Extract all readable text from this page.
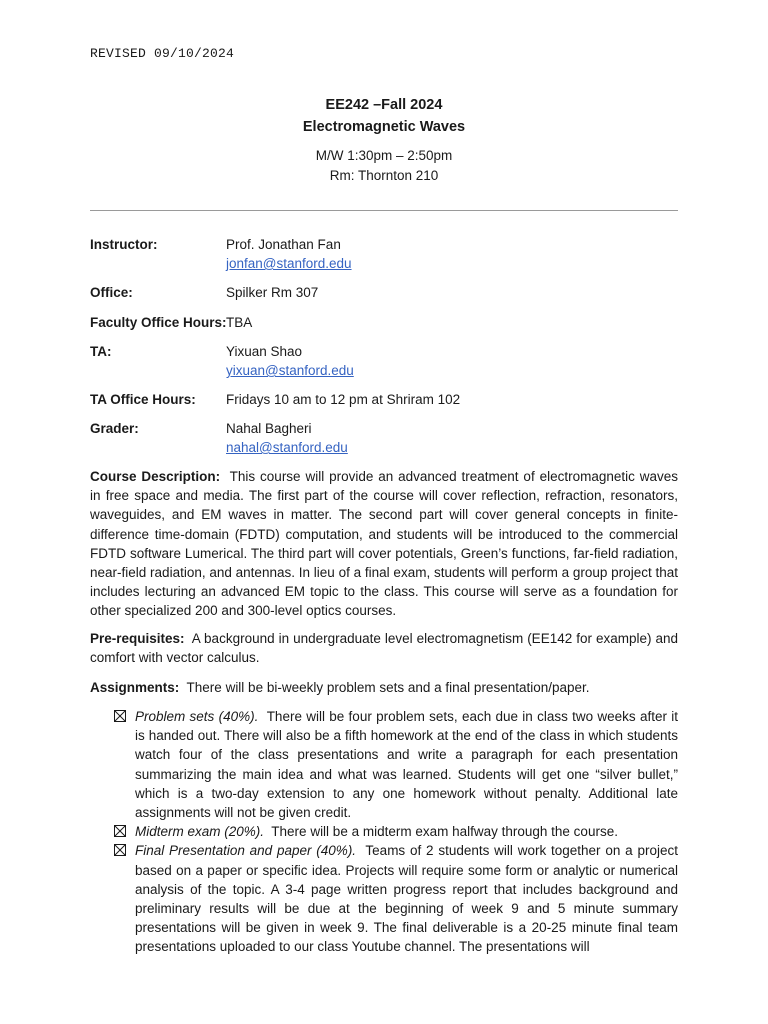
REVISED 09/10/2024
EE242 –Fall 2024
Electromagnetic Waves
M/W 1:30pm – 2:50pm
Rm: Thornton 210
Instructor:	Prof. Jonathan Fan
jonfan@stanford.edu
Office:	Spilker Rm 307
Faculty Office Hours: TBA
TA:	Yixuan Shao
yixuan@stanford.edu
TA Office Hours: Fridays 10 am to 12 pm at Shriram 102
Grader:	Nahal Bagheri
nahal@stanford.edu
Course Description: This course will provide an advanced treatment of electromagnetic waves in free space and media. The first part of the course will cover reflection, refraction, resonators, waveguides, and EM waves in matter. The second part will cover general concepts in finite-difference time-domain (FDTD) computation, and students will be introduced to the commercial FDTD software Lumerical. The third part will cover potentials, Green’s functions, far-field radiation, near-field radiation, and antennas. In lieu of a final exam, students will perform a group project that includes lecturing an advanced EM topic to the class. This course will serve as a foundation for other specialized 200 and 300-level optics courses.
Pre-requisites: A background in undergraduate level electromagnetism (EE142 for example) and comfort with vector calculus.
Assignments: There will be bi-weekly problem sets and a final presentation/paper.
Problem sets (40%). There will be four problem sets, each due in class two weeks after it is handed out. There will also be a fifth homework at the end of the class in which students watch four of the class presentations and write a paragraph for each presentation summarizing the main idea and what was learned. Students will get one “silver bullet,” which is a two-day extension to any one homework without penalty. Additional late assignments will not be given credit.
Midterm exam (20%). There will be a midterm exam halfway through the course.
Final Presentation and paper (40%). Teams of 2 students will work together on a project based on a paper or specific idea. Projects will require some form or analytic or numerical analysis of the topic. A 3-4 page written progress report that includes background and preliminary results will be due at the beginning of week 9 and 5 minute summary presentations will be given in week 9. The final deliverable is a 20-25 minute final team presentations uploaded to our class Youtube channel. The presentations will
